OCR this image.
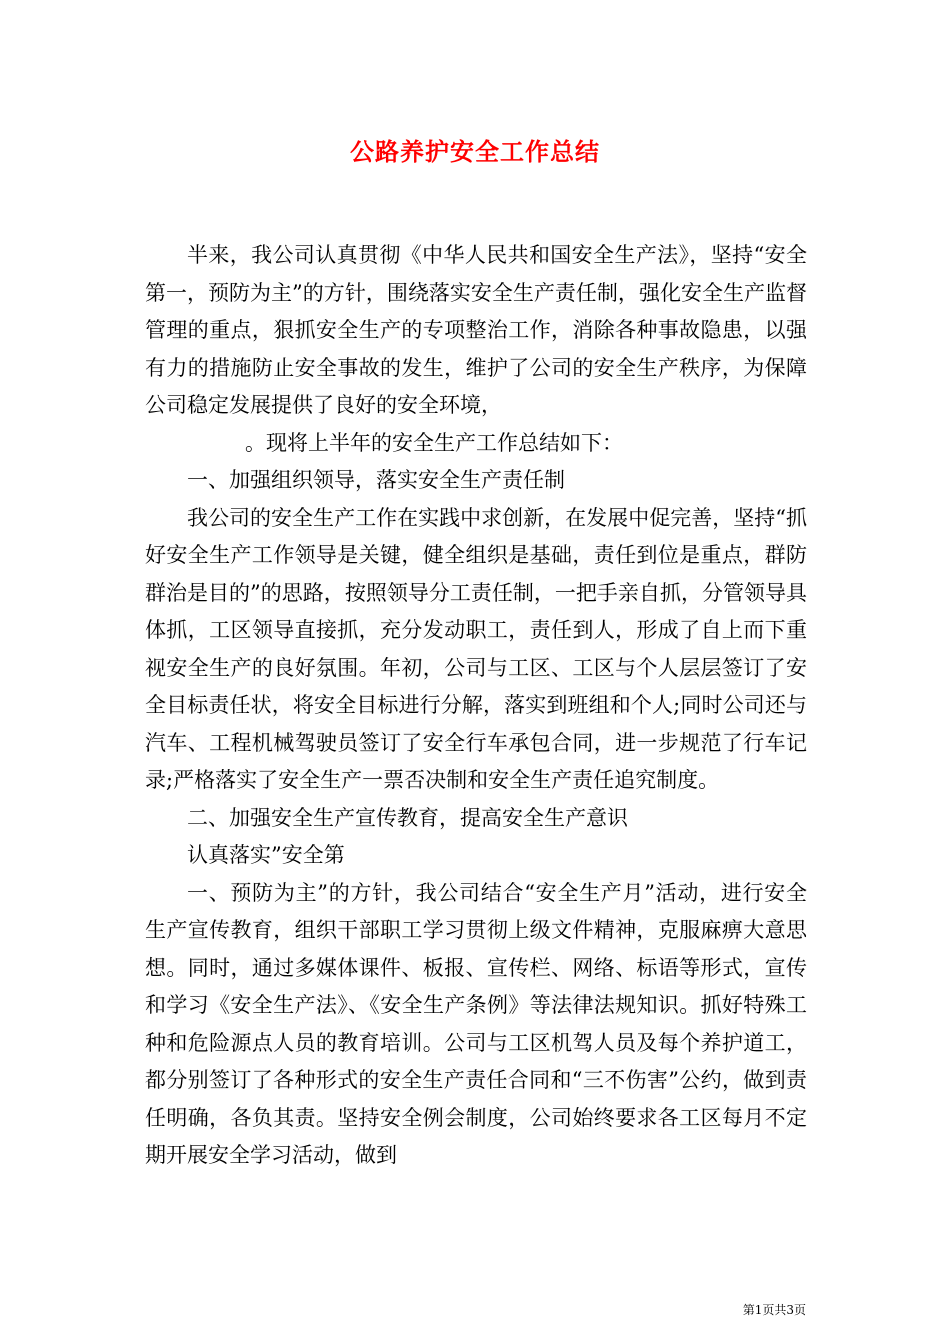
公路养护安全工作总结

半来，我公司认真贯彻《中华人民共和国安全生产法》，坚持“安全第一，预防为主”的方针，围绕落实安全生产责任制，强化安全生产监督管理的重点，狠抓安全生产的专项整治工作，消除各种事故隐患，以强有力的措施防止安全事故的发生，维护了公司的安全生产秩序，为保障公司稳定发展提供了良好的安全环境，

。现将上半年的安全生产工作总结如下：

一、加强组织领导，落实安全生产责任制

我公司的安全生产工作在实践中求创新，在发展中促完善，坚持“抓好安全生产工作领导是关键，健全组织是基础，责任到位是重点，群防群治是目的”的思路，按照领导分工责任制，一把手亲自抓，分管领导具体抓，工区领导直接抓，充分发动职工，责任到人，形成了自上而下重视安全生产的良好氛围。年初，公司与工区、工区与个人层层签订了安全目标责任状，将安全目标进行分解，落实到班组和个人;同时公司还与汽车、工程机械驾驶员签订了安全行车承包合同，进一步规范了行车记录;严格落实了安全生产一票否决制和安全生产责任追究制度。

二、加强安全生产宣传教育，提高安全生产意识

认真落实”安全第

一、预防为主”的方针，我公司结合“安全生产月”活动，进行安全生产宣传教育，组织干部职工学习贯彻上级文件精神，克服麻痹大意思想。同时，通过多媒体课件、板报、宣传栏、网络、标语等形式，宣传和学习《安全生产法》、《安全生产条例》等法律法规知识。抓好特殊工种和危险源点人员的教育培训。公司与工区机驾人员及每个养护道工，都分别签订了各种形式的安全生产责任合同和“三不伤害”公约，做到责任明确，各负其责。坚持安全例会制度，公司始终要求各工区每月不定期开展安全学习活动，做到

第1页共3页
